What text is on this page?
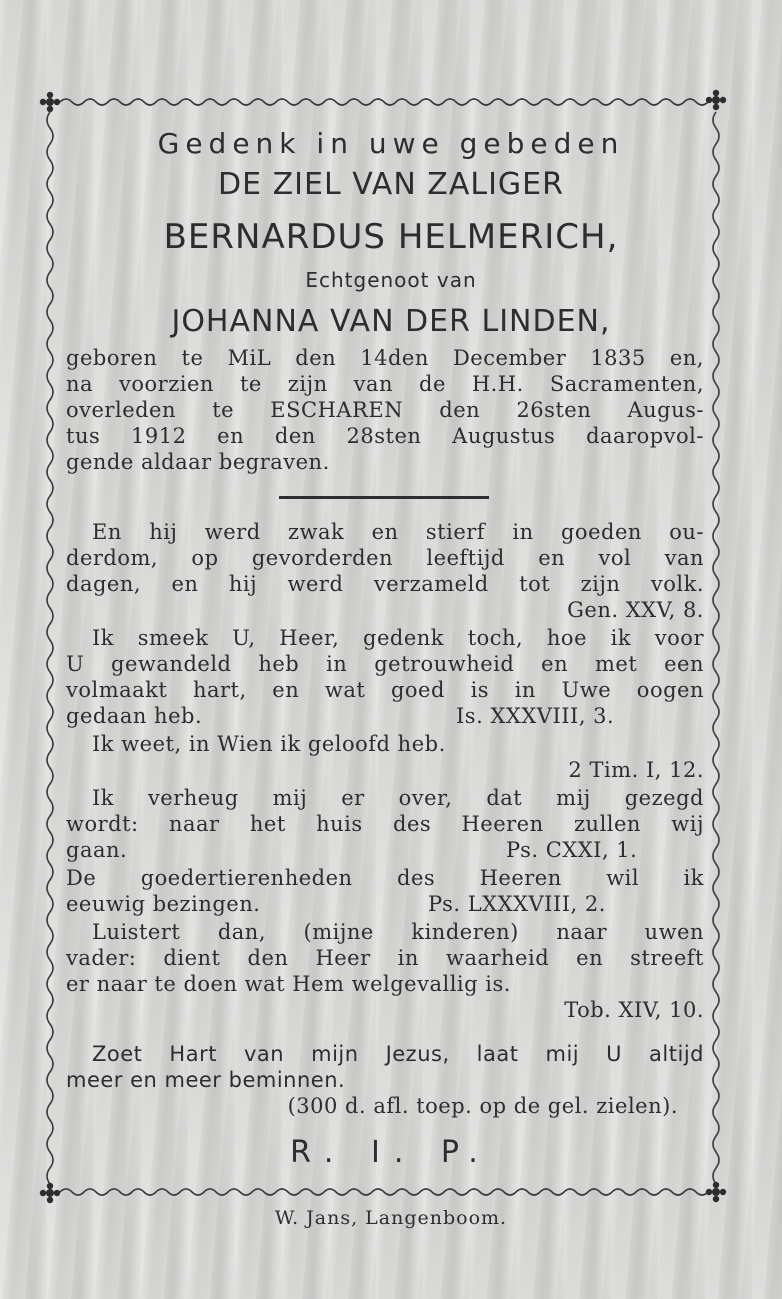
Gedenk in uwe gebeden
DE ZIEL VAN ZALIGER
BERNARDUS HELMERICH,
Echtgenoot van
JOHANNA VAN DER LINDEN,
geboren te MiL den 14den December 1835 en,
na voorzien te zijn van de H.H. Sacramenten,
overleden te ESCHAREN den 26sten Augus-
tus 1912 en den 28sten Augustus daaropvol-
gende aldaar begraven.
En hij werd zwak en stierf in goeden ou-
derdom, op gevorderden leeftijd en vol van
dagen, en hij werd verzameld tot zijn volk.
Gen. XXV, 8.
Ik smeek U, Heer, gedenk toch, hoe ik voor
U gewandeld heb in getrouwheid en met een
volmaakt hart, en wat goed is in Uwe oogen
gedaan heb.	Is. XXXVIII, 3.
Ik weet, in Wien ik geloofd heb.
2 Tim. I, 12.
Ik verheug mij er over, dat mij gezegd
wordt: naar het huis des Heeren zullen wij
gaan.	Ps. CXXI, 1.
De goedertierenheden des Heeren wil ik
eeuwig bezingen.	Ps. LXXXVIII, 2.
Luistert dan, (mijne kinderen) naar uwen
vader: dient den Heer in waarheid en streeft
er naar te doen wat Hem welgevallig is.
Tob. XIV, 10.
Zoet Hart van mijn Jezus, laat mij U altijd
meer en meer beminnen.
(300 d. afl. toep. op de gel. zielen).
R. I. P.
W. Jans, Langenboom.
